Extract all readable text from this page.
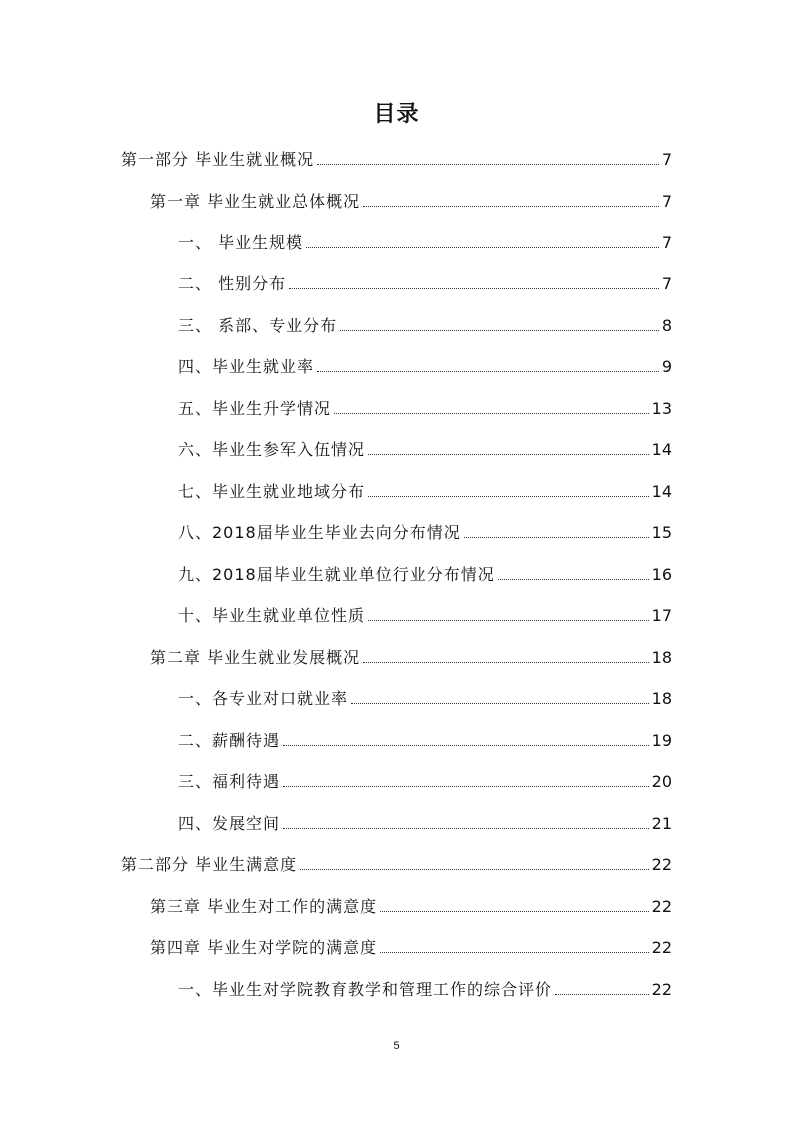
目录
第一部分 毕业生就业概况	7
第一章 毕业生就业总体概况	7
一、 毕业生规模	7
二、 性别分布	7
三、 系部、专业分布	8
四、毕业生就业率	9
五、毕业生升学情况	13
六、毕业生参军入伍情况	14
七、毕业生就业地域分布	14
八、2018届毕业生毕业去向分布情况	15
九、2018届毕业生就业单位行业分布情况	16
十、毕业生就业单位性质	17
第二章 毕业生就业发展概况	18
一、各专业对口就业率	18
二、薪酬待遇	19
三、福利待遇	20
四、发展空间	21
第二部分 毕业生满意度	22
第三章 毕业生对工作的满意度	22
第四章 毕业生对学院的满意度	22
一、毕业生对学院教育教学和管理工作的综合评价	22
5
